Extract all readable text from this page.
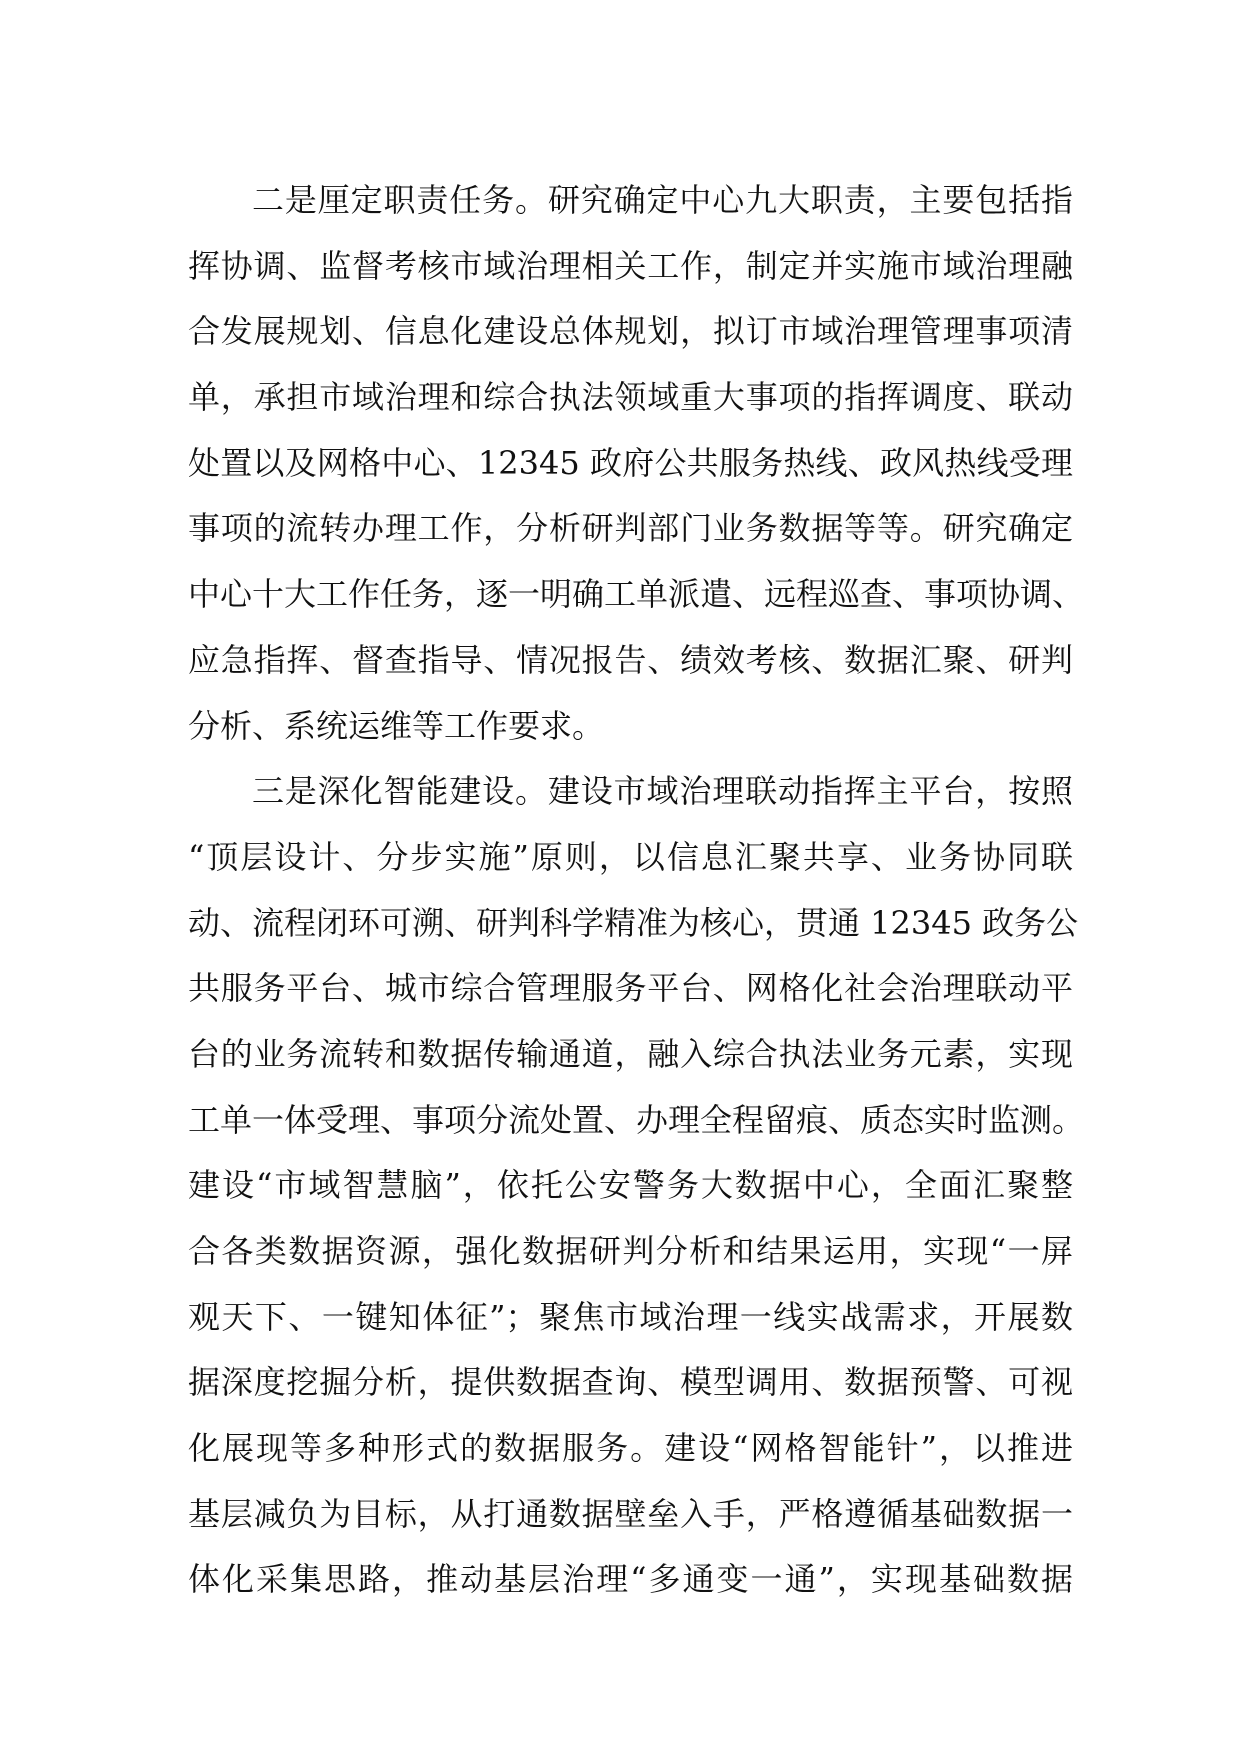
二是厘定职责任务。研究确定中心九大职责，主要包括指
挥协调、监督考核市域治理相关工作，制定并实施市域治理融
合发展规划、信息化建设总体规划，拟订市域治理管理事项清
单，承担市域治理和综合执法领域重大事项的指挥调度、联动
处置以及网格中心、12345 政府公共服务热线、政风热线受理
事项的流转办理工作，分析研判部门业务数据等等。研究确定
中心十大工作任务，逐一明确工单派遣、远程巡查、事项协调、
应急指挥、督查指导、情况报告、绩效考核、数据汇聚、研判
分析、系统运维等工作要求。
三是深化智能建设。建设市域治理联动指挥主平台，按照
“顶层设计、分步实施”原则，以信息汇聚共享、业务协同联
动、流程闭环可溯、研判科学精准为核心，贯通 12345 政务公
共服务平台、城市综合管理服务平台、网格化社会治理联动平
台的业务流转和数据传输通道，融入综合执法业务元素，实现
工单一体受理、事项分流处置、办理全程留痕、质态实时监测。
建设“市域智慧脑”，依托公安警务大数据中心，全面汇聚整
合各类数据资源，强化数据研判分析和结果运用，实现“一屏
观天下、一键知体征”；聚焦市域治理一线实战需求，开展数
据深度挖掘分析，提供数据查询、模型调用、数据预警、可视
化展现等多种形式的数据服务。建设“网格智能针”，以推进
基层减负为目标，从打通数据壁垒入手，严格遵循基础数据一
体化采集思路，推动基层治理“多通变一通”，实现基础数据
